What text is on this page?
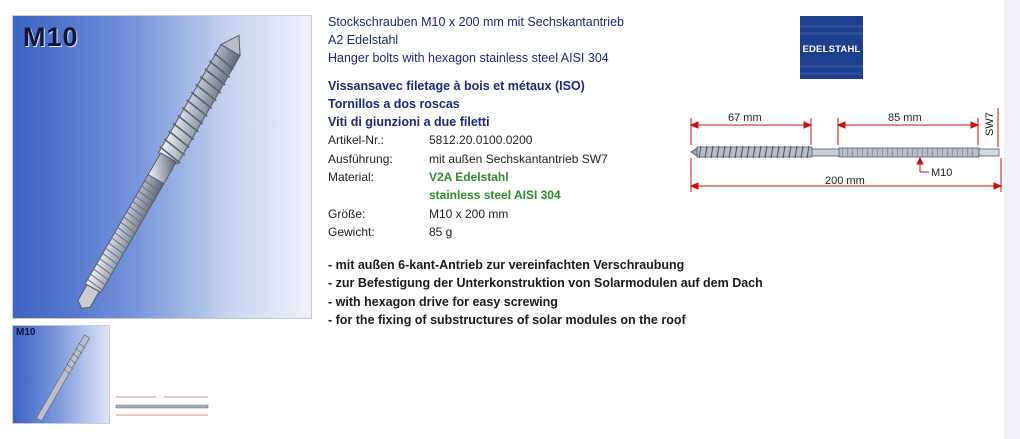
M10
M10
Stockschrauben M10 x 200 mm mit Sechskantantrieb
A2 Edelstahl
Hanger bolts with hexagon stainless steel AISI 304
Vissansavec filetage à bois et métaux (ISO)
Tornillos a dos roscas
Viti di giunzioni a due filetti
Artikel-Nr.:	5812.20.0100.0200
Ausführung:	mit außen Sechskantantrieb SW7
Material:	V2A Edelstahl
stainless steel AISI 304
Größe:	M10 x 200 mm
Gewicht:	85 g
- mit außen 6-kant-Antrieb zur vereinfachten Verschraubung
- zur Befestigung der Unterkonstruktion von Solarmodulen auf dem Dach
- with hexagon drive for easy screwing
- for the fixing of substructures of solar modules on the roof
EDELSTAHL
67 mm	85 mm
200 mm
M10
SW7
